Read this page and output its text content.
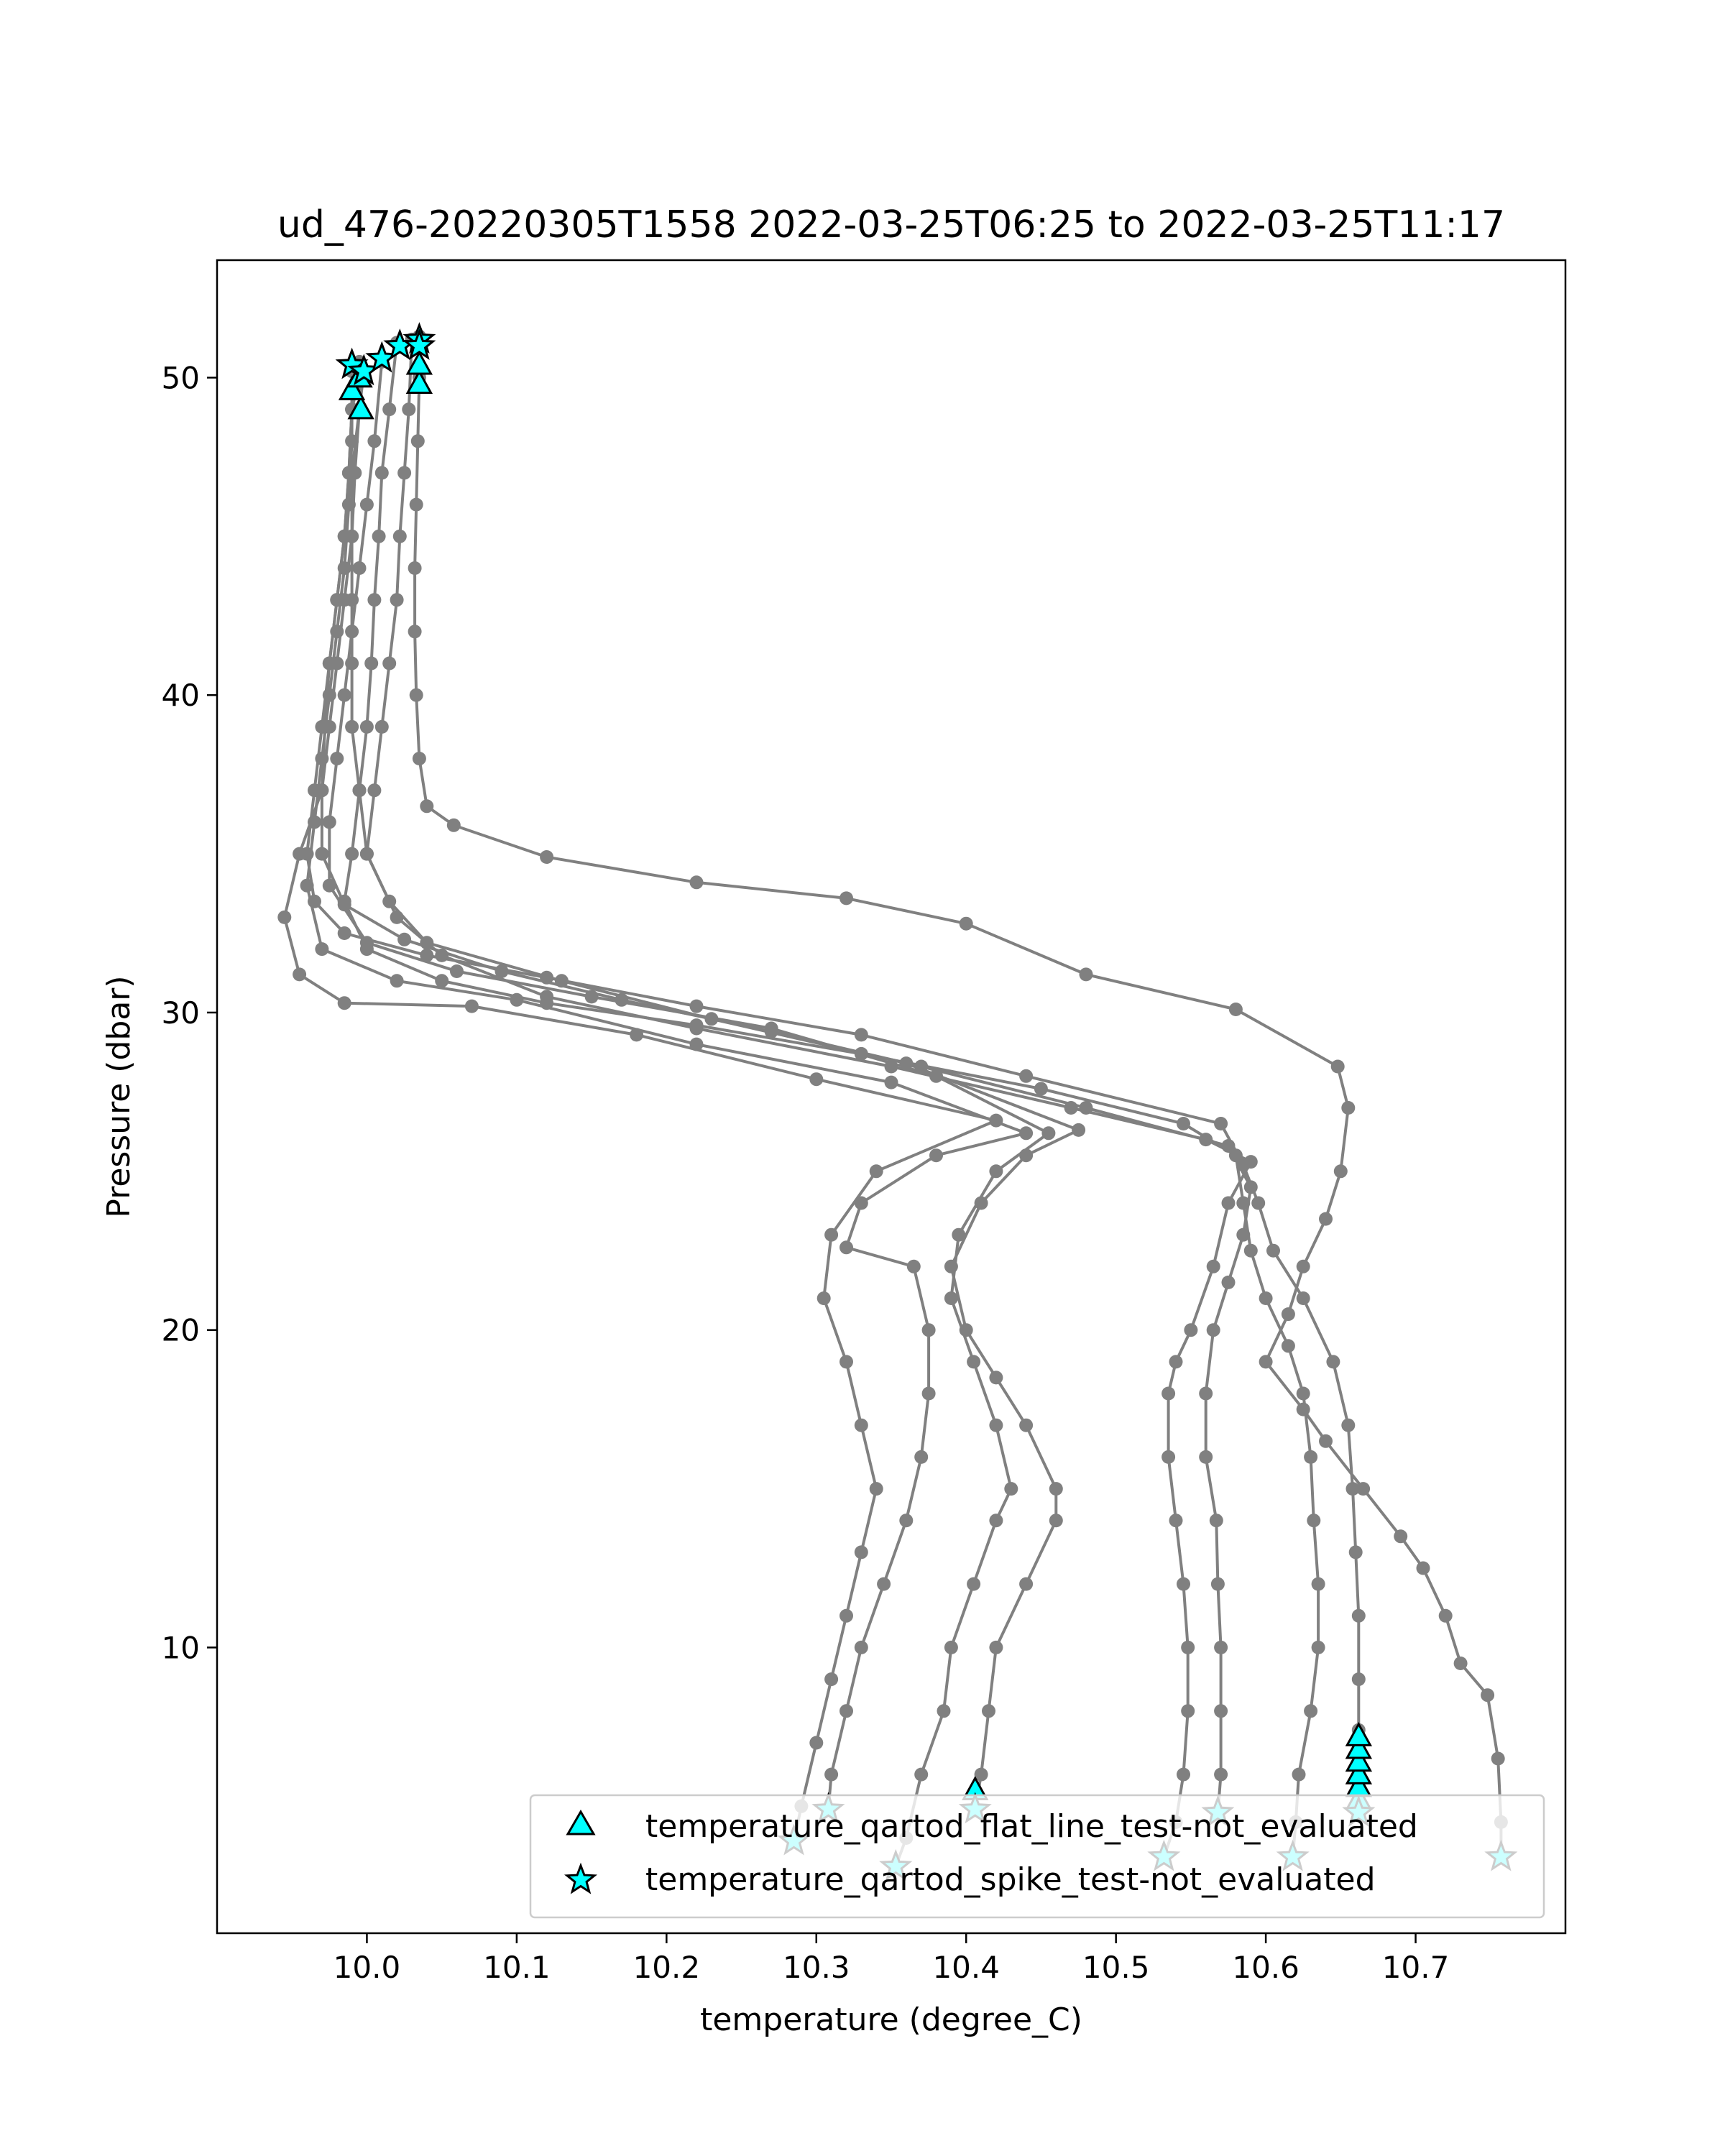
ud_476-20220305T1558 2022-03-25T06:25 to 2022-03-25T11:17
10.0	10.1	10.2	10.3	10.4	10.5	10.6	10.7
10
20
30
40
50
temperature (degree_C)
Pressure (dbar)
temperature_qartod_flat_line_test-not_evaluated
temperature_qartod_spike_test-not_evaluated
